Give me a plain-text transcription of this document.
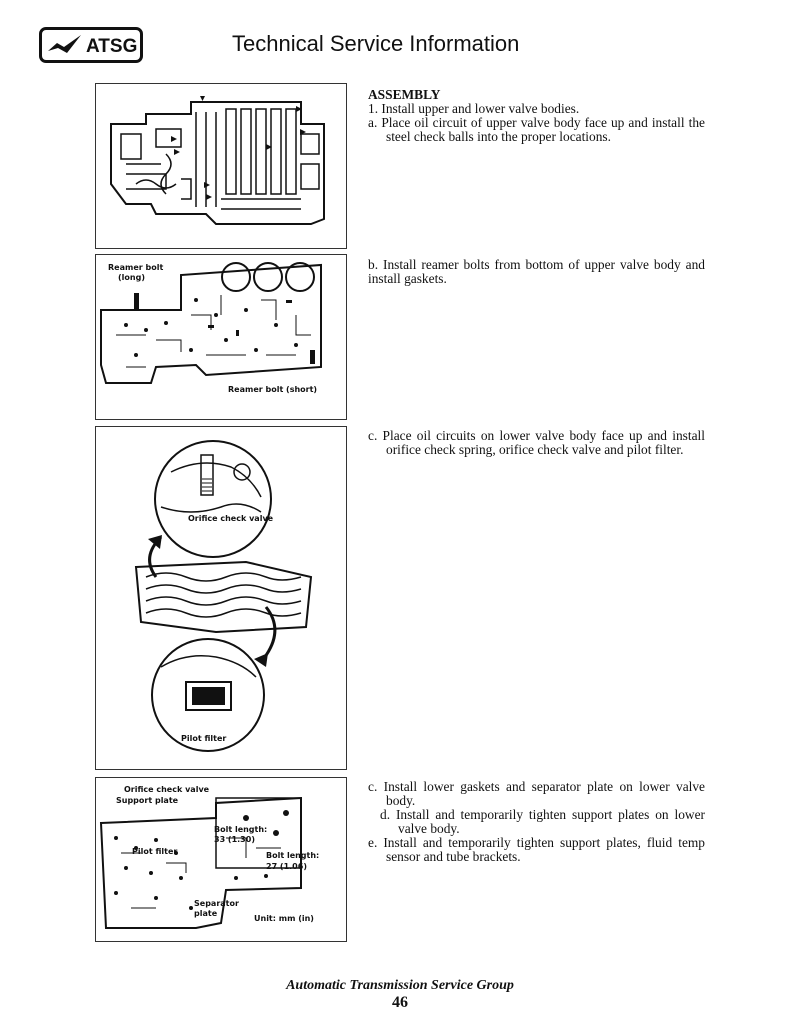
ATSG	Technical Service Information
Reamer bolt
(long)
Reamer bolt (short)
Orifice check valve
Pilot filter
Orifice check valve
Support plate
Bolt length:
33 (1.30)
Pilot filter	Bolt length:
27 (1.06)
Separator
plate
Unit: mm (in)

ASSEMBLY

1. Install upper and lower valve bodies.

a. Place oil circuit of upper valve body face up and install the steel check balls into the proper locations.

b. Install reamer bolts from bottom of upper valve body and install gaskets.

c. Place oil circuits on lower valve body face up and install orifice check spring, orifice check valve and pilot filter.

c. Install lower gaskets and separator plate on lower valve body.

d. Install and temporarily tighten support plates on lower valve body.

e. Install and temporarily tighten support plates, fluid temp sensor and tube brackets.

Automatic Transmission Service Group
46
